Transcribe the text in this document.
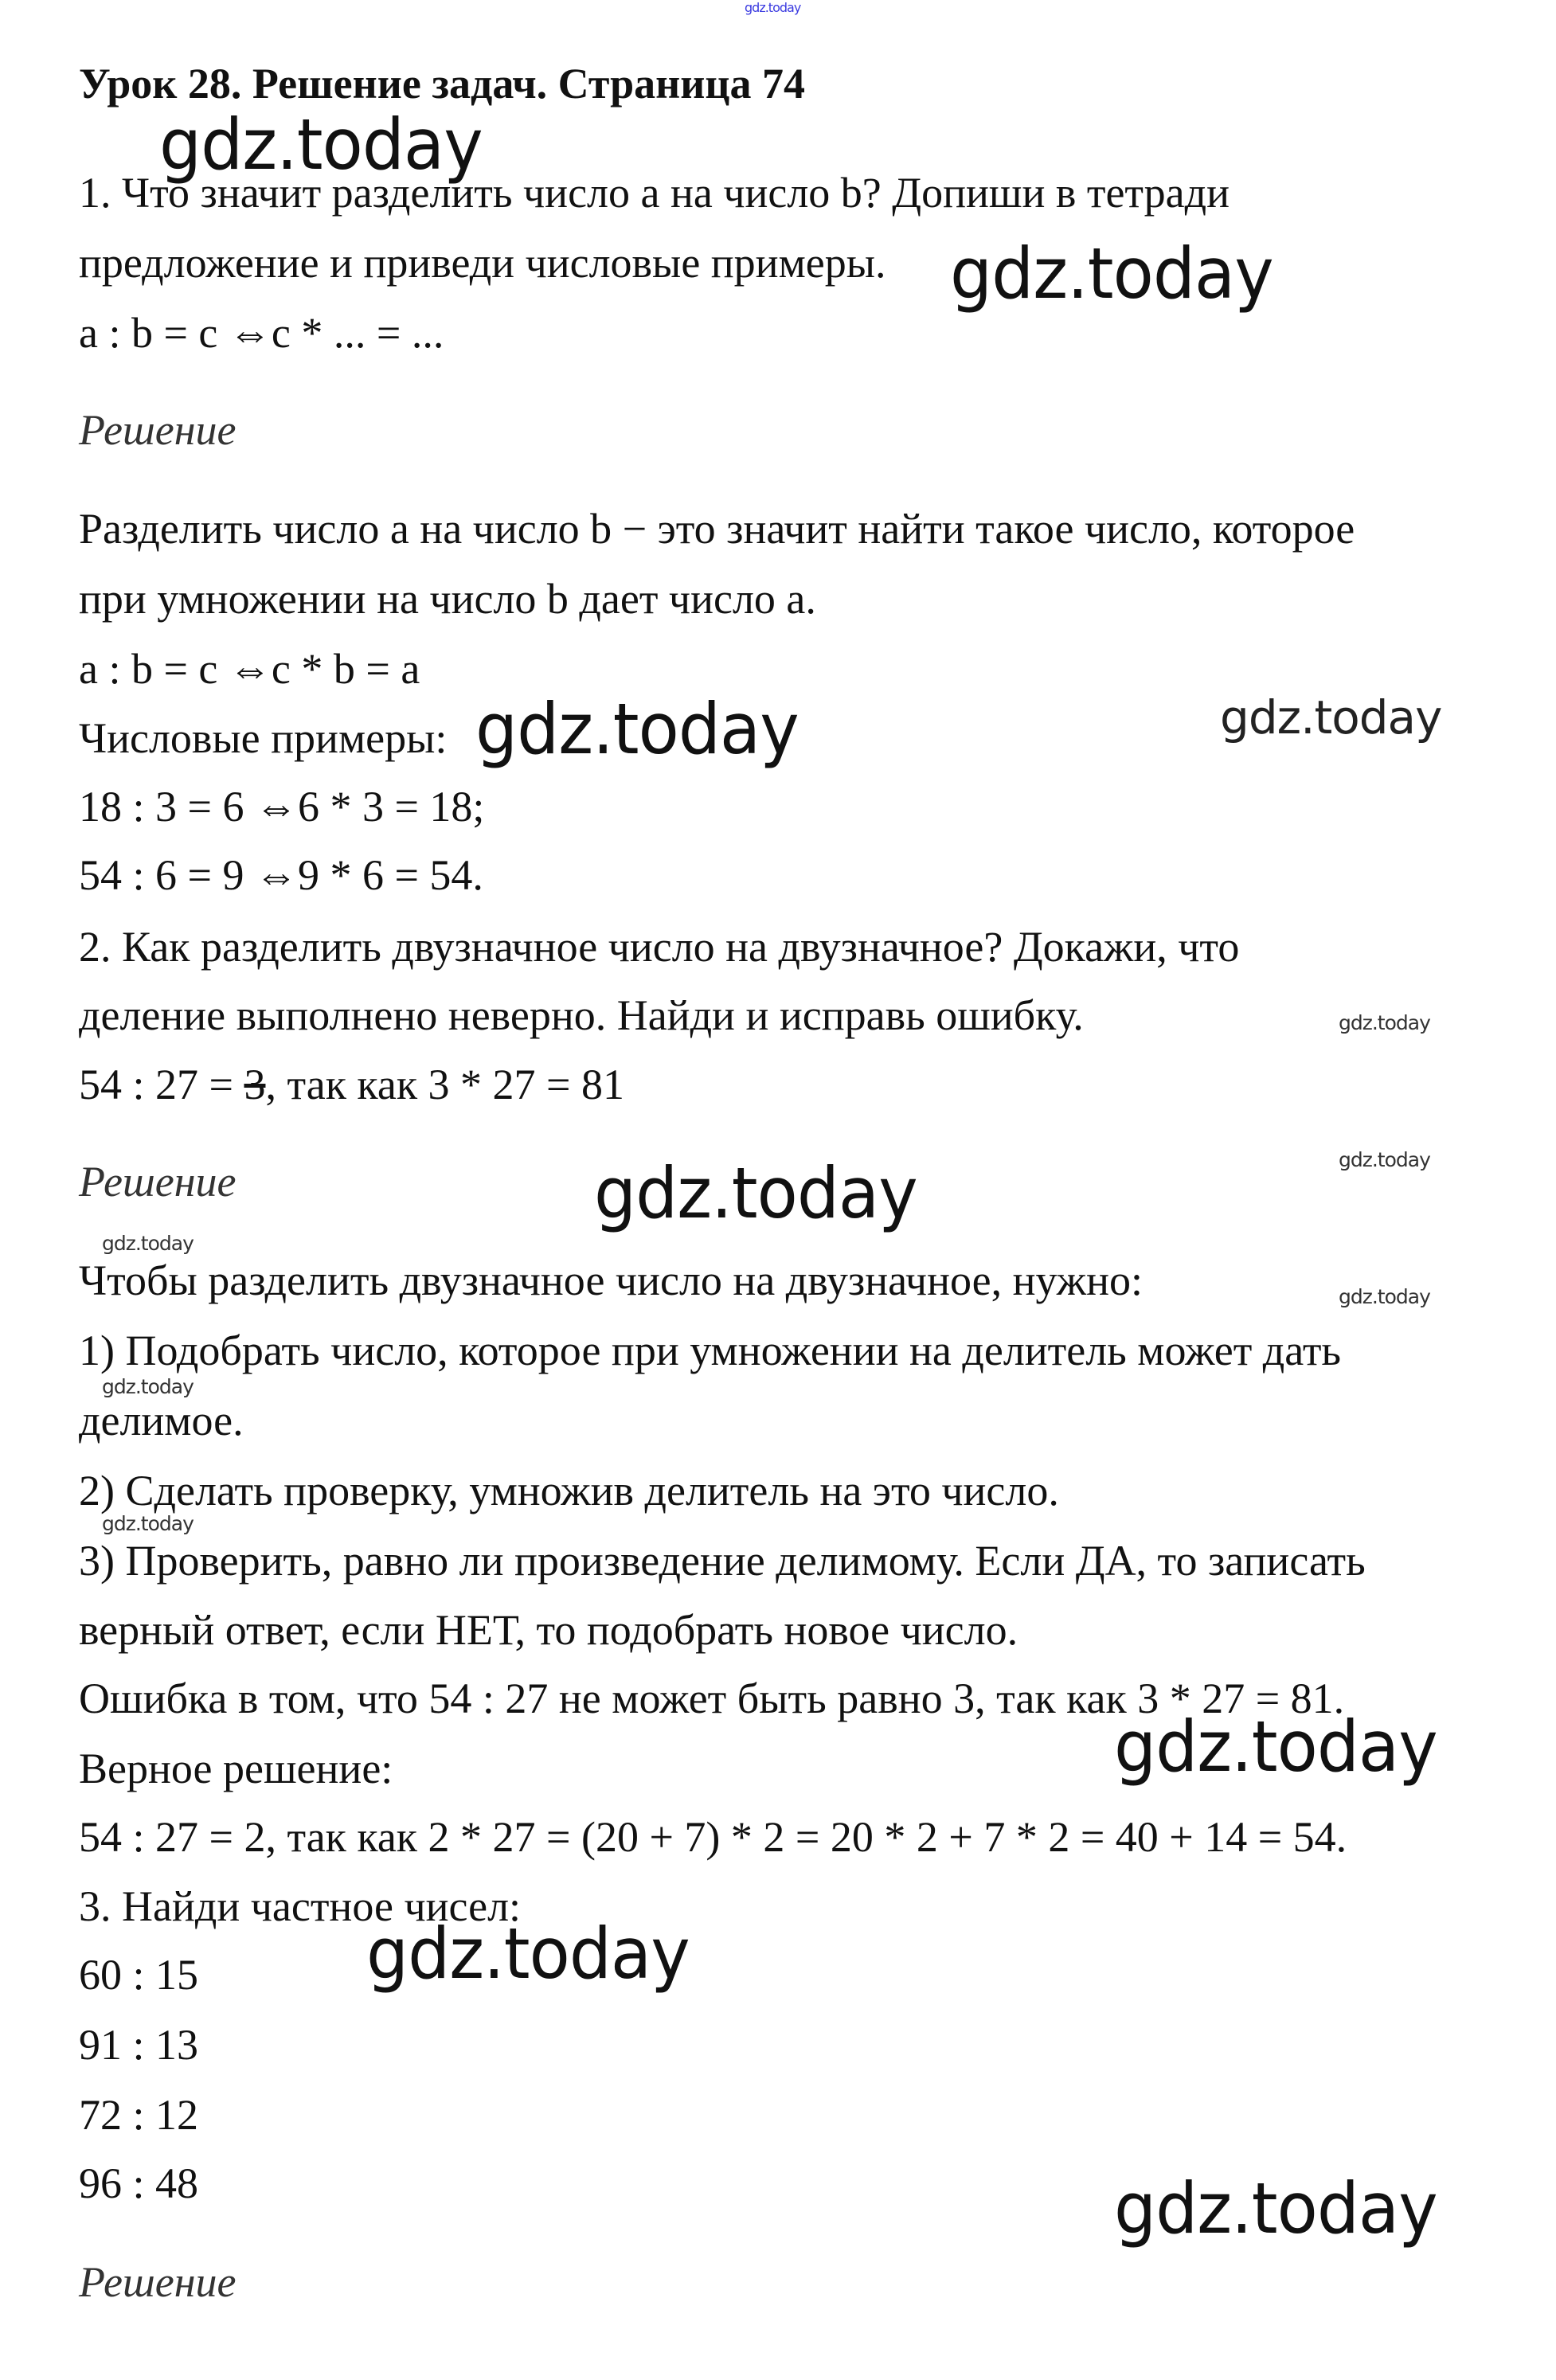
gdz.today
Урок 28. Решение задач. Страница 74
1. Что значит разделить число a на число b? Допиши в тетради
предложение и приведи числовые примеры.
a : b = c ⇔c * ... = ...
Решение
Разделить число a на число b − это значит найти такое число, которое
при умножении на число b дает число a.
a : b = c ⇔c * b = a
Числовые примеры:
18 : 3 = 6 ⇔6 * 3 = 18;
54 : 6 = 9 ⇔9 * 6 = 54.
2. Как разделить двузначное число на двузначное? Докажи, что
деление выполнено неверно. Найди и исправь ошибку.
54 : 27 = 3, так как 3 * 27 = 81
Решение
Чтобы разделить двузначное число на двузначное, нужно:
1) Подобрать число, которое при умножении на делитель может дать
делимое.
2) Сделать проверку, умножив делитель на это число.
3) Проверить, равно ли произведение делимому. Если ДА, то записать
верный ответ, если НЕТ, то подобрать новое число.
Ошибка в том, что 54 : 27 не может быть равно 3, так как 3 * 27 = 81.
Верное решение:
54 : 27 = 2, так как 2 * 27 = (20 + 7) * 2 = 20 * 2 + 7 * 2 = 40 + 14 = 54.
3. Найди частное чисел:
60 : 15
91 : 13
72 : 12
96 : 48
Решение
gdz.today
gdz.today
gdz.today	gdz.today
gdz.today
gdz.today
gdz.today
gdz.today
gdz.today
gdz.today
gdz.today
gdz.today
gdz.today
gdz.today
